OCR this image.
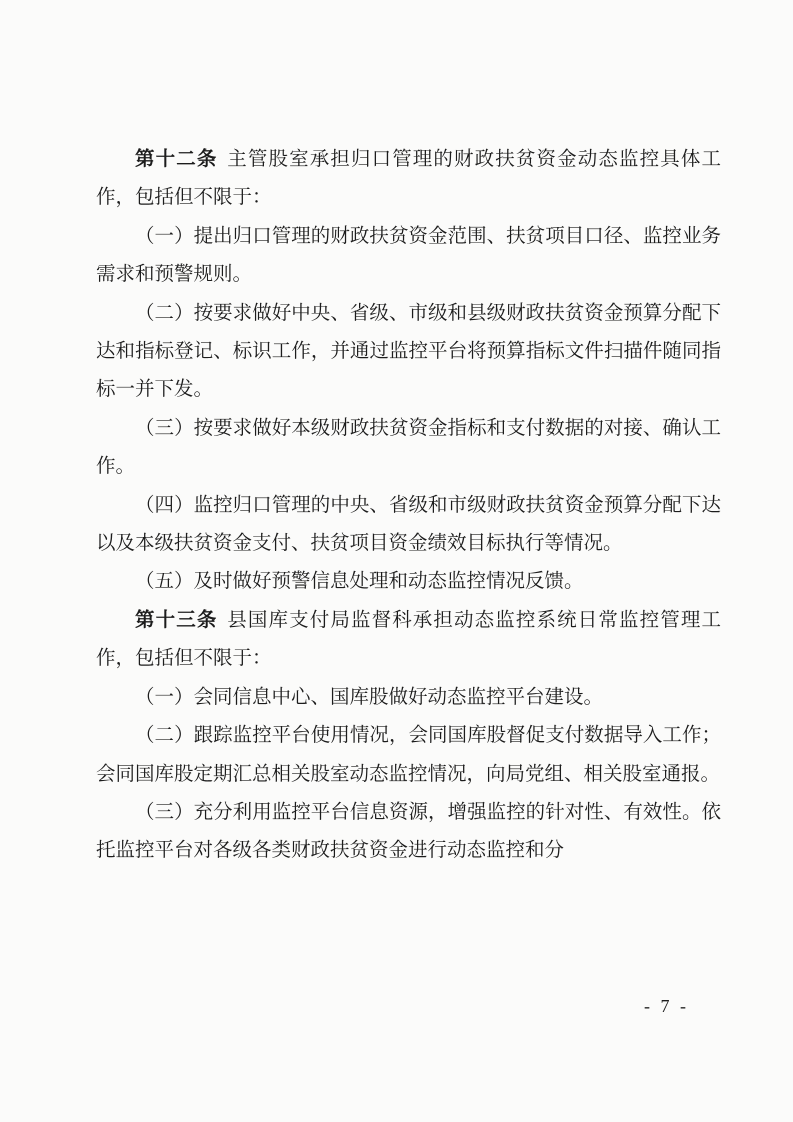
第十二条 主管股室承担归口管理的财政扶贫资金动态监控具体工作，包括但不限于：

（一）提出归口管理的财政扶贫资金范围、扶贫项目口径、监控业务需求和预警规则。

（二）按要求做好中央、省级、市级和县级财政扶贫资金预算分配下达和指标登记、标识工作，并通过监控平台将预算指标文件扫描件随同指标一并下发。

（三）按要求做好本级财政扶贫资金指标和支付数据的对接、确认工作。

（四）监控归口管理的中央、省级和市级财政扶贫资金预算分配下达以及本级扶贫资金支付、扶贫项目资金绩效目标执行等情况。

（五）及时做好预警信息处理和动态监控情况反馈。

第十三条 县国库支付局监督科承担动态监控系统日常监控管理工作，包括但不限于：

（一）会同信息中心、国库股做好动态监控平台建设。

（二）跟踪监控平台使用情况，会同国库股督促支付数据导入工作；会同国库股定期汇总相关股室动态监控情况，向局党组、相关股室通报。

（三）充分利用监控平台信息资源，增强监控的针对性、有效性。依托监控平台对各级各类财政扶贫资金进行动态监控和分

- 7 -
